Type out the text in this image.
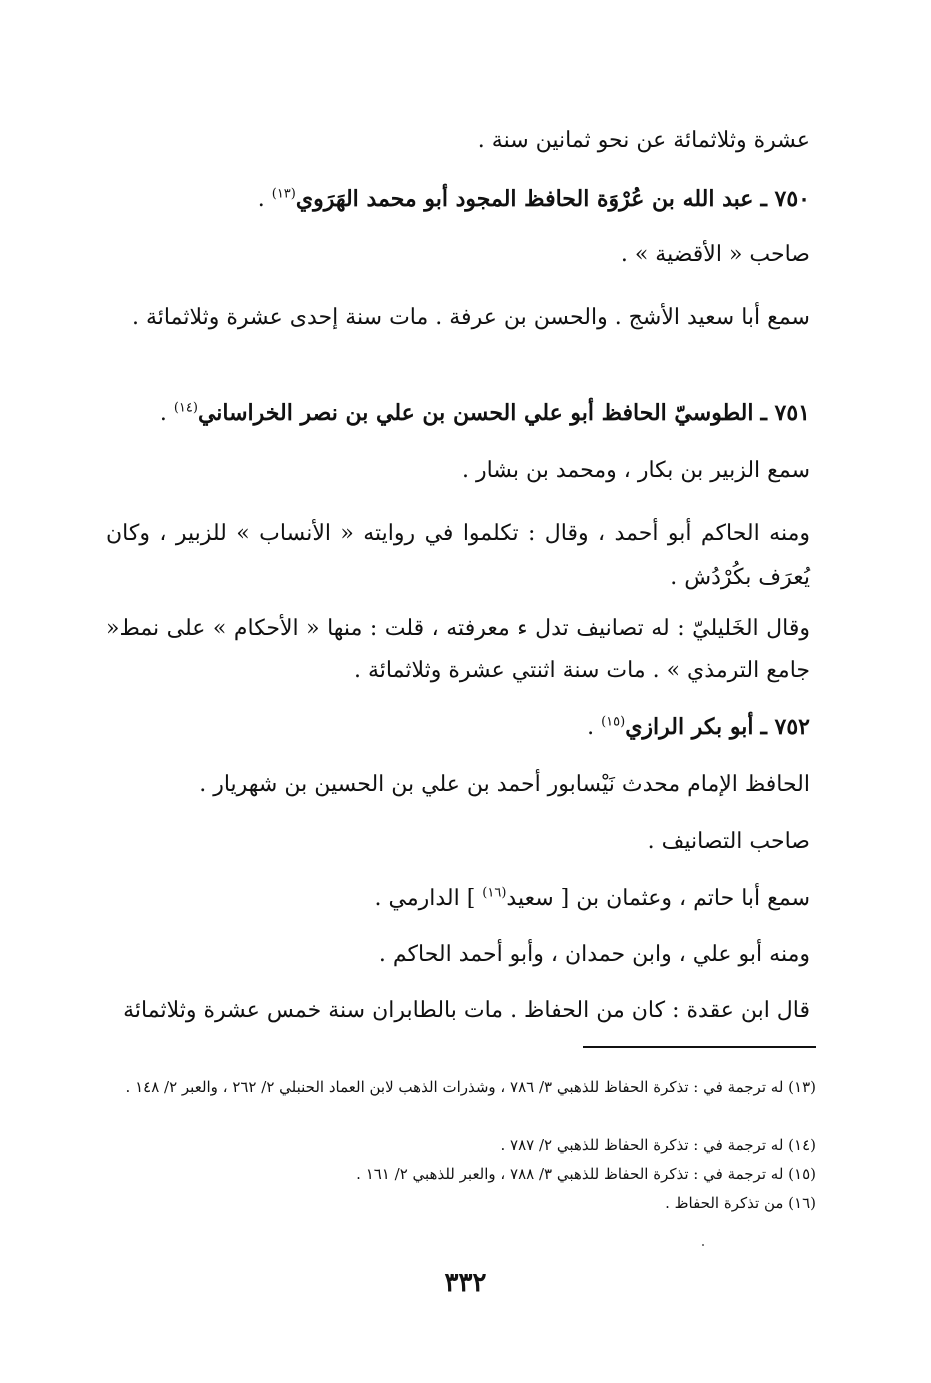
عشرة وثلاثمائة عن نحو ثمانين سنة .
٧٥٠ ـ عبد الله بن عُرْوَة الحافظ المجود أبو محمد الهَرَوي$^{(١٣)}$ .
صاحب « الأقضية » .
سمع أبا سعيد الأشج . والحسن بن عرفة . مات سنة إحدى عشرة وثلاثمائة .
٧٥١ ـ الطوسيّ الحافظ أبو علي الحسن بن علي بن نصر الخراساني$^{(١٤)}$ .
سمع الزبير بن بكار ، ومحمد بن بشار .
ومنه الحاكم أبو أحمد ، وقال : تكلموا في روايته « الأنساب » للزبير ، وكان يُعرَف بكُرْدُش .
وقال الخَليليّ : له تصانيف تدل ء معرفته ، قلت : منها « الأحكام » على نمط« جامع الترمذي » . مات سنة اثنتي عشرة وثلاثمائة .
٧٥٢ ـ أبو بكر الرازي$^{(١٥)}$ .
الحافظ الإمام محدث نَيْسابور أحمد بن علي بن الحسين بن شهريار .
صاحب التصانيف .
سمع أبا حاتم ، وعثمان بن [ سعيد$^{(١٦)}$ ] الدارمي .
ومنه أبو علي ، وابن حمدان ، وأبو أحمد الحاكم .
قال ابن عقدة : كان من الحفاظ . مات بالطابران سنة خمس عشرة وثلاثمائة
(١٣) له ترجمة في : تذكرة الحفاظ للذهبي ٣/ ٧٨٦ ، وشذرات الذهب لابن العماد الحنبلي ٢/ ٢٦٢ ، والعبر ٢/ ١٤٨ .
(١٤) له ترجمة في : تذكرة الحفاظ للذهبي ٢/ ٧٨٧ .
(١٥) له ترجمة في : تذكرة الحفاظ للذهبي ٣/ ٧٨٨ ، والعبر للذهبي ٢/ ١٦١ .
(١٦) من تذكرة الحفاظ .
٣٣٢
